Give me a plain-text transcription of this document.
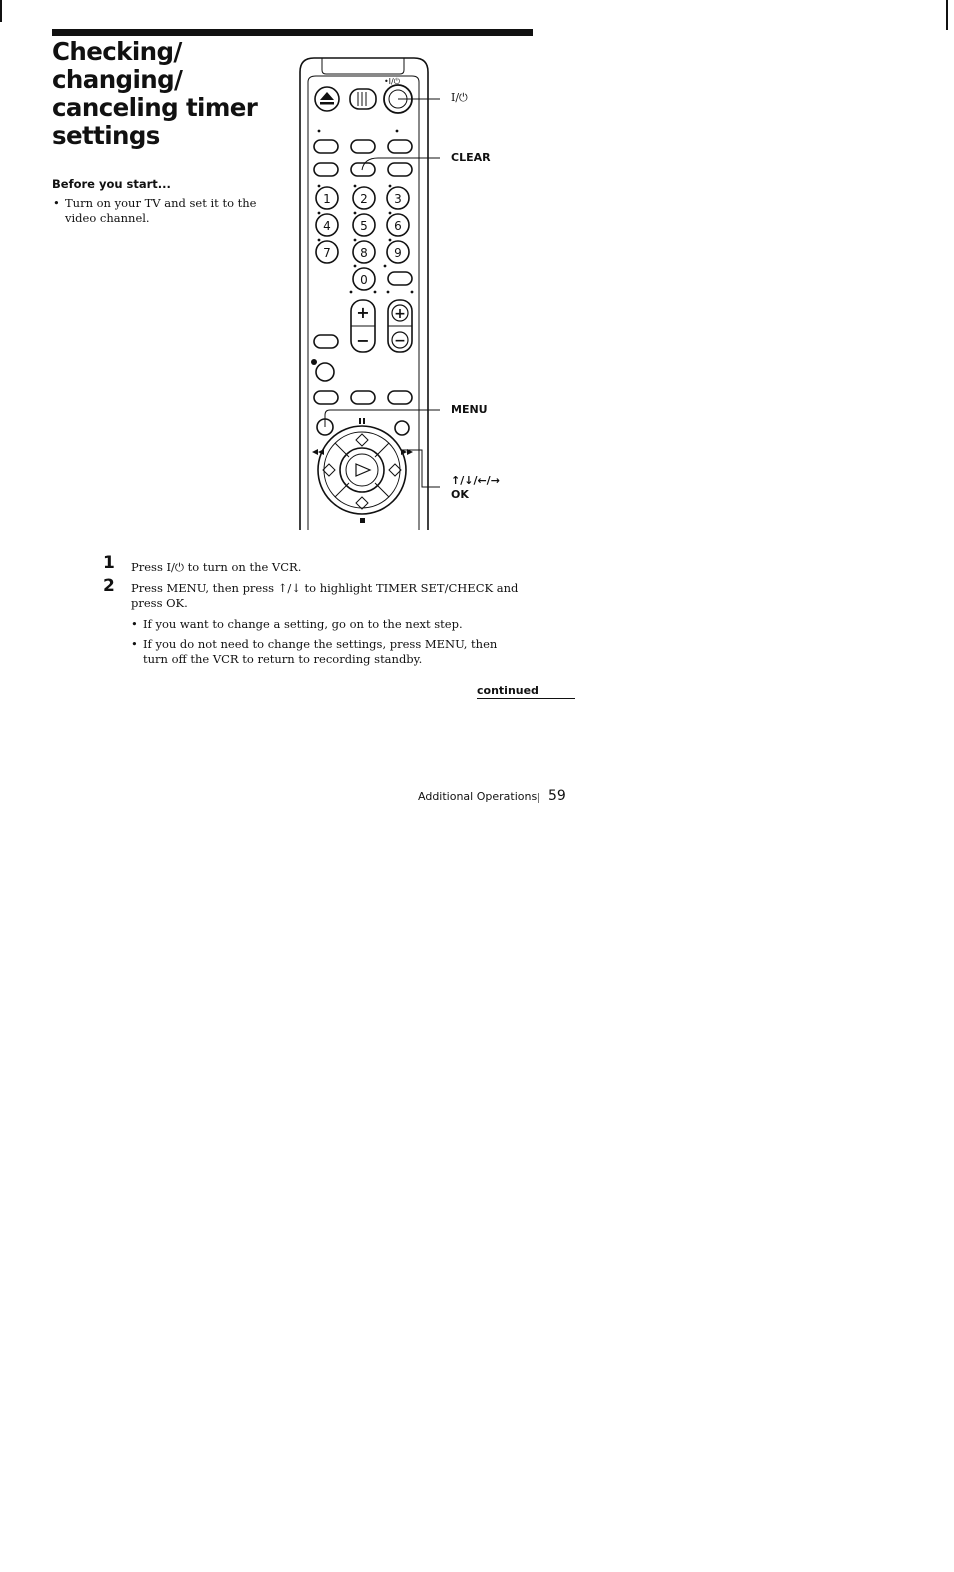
Checking/
changing/
canceling timer
settings
Before you start...
• Turn on your TV and set it to the video channel.
•I/⏻
1 2 3
4 5 6
7 8 9
0
+
−
+
−
I/⏻
CLEAR
MENU
↑/↓/←/→
OK
1 Press I/⏻ to turn on the VCR.
2 Press MENU, then press ↑/↓ to highlight TIMER SET/CHECK and press OK.
• If you want to change a setting, go on to the next step.
• If you do not need to change the settings, press MENU, then turn off the VCR to return to recording standby.
continued
Additional Operations 59
